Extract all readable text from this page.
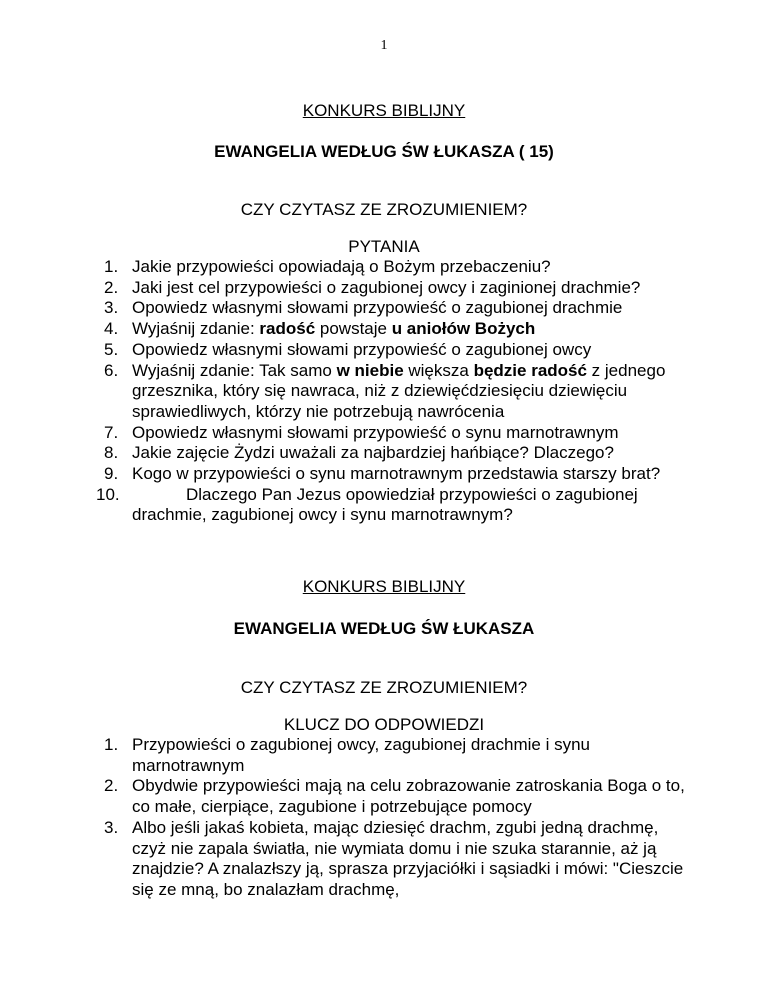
1
KONKURS BIBLIJNY
EWANGELIA WEDŁUG ŚW ŁUKASZA ( 15)
CZY CZYTASZ ZE ZROZUMIENIEM?
PYTANIA
1. Jakie przypowieści opowiadają o Bożym przebaczeniu?
2. Jaki jest cel przypowieści o zagubionej owcy i zaginionej drachmie?
3. Opowiedz własnymi słowami przypowieść o zagubionej drachmie
4. Wyjaśnij zdanie: radość powstaje u aniołów Bożych
5. Opowiedz własnymi słowami przypowieść o zagubionej owcy
6. Wyjaśnij zdanie: Tak samo w niebie większa będzie radość z jednego grzesznika, który się nawraca, niż z dziewięćdziesięciu dziewięciu sprawiedliwych, którzy nie potrzebują nawrócenia
7. Opowiedz własnymi słowami przypowieść o synu marnotrawnym
8. Jakie zajęcie Żydzi uważali za najbardziej hańbiące? Dlaczego?
9. Kogo w przypowieści o synu marnotrawnym przedstawia starszy brat?
10.	Dlaczego Pan Jezus opowiedział przypowieści o zagubionej
drachmie, zagubionej owcy i synu marnotrawnym?
KONKURS BIBLIJNY
EWANGELIA WEDŁUG ŚW ŁUKASZA
CZY CZYTASZ ZE ZROZUMIENIEM?
KLUCZ DO ODPOWIEDZI
1. Przypowieści o zagubionej owcy, zagubionej drachmie i synu marnotrawnym
2. Obydwie przypowieści mają na celu zobrazowanie zatroskania Boga o to, co małe, cierpiące, zagubione i potrzebujące pomocy
3. Albo jeśli jakaś kobieta, mając dziesięć drachm, zgubi jedną drachmę, czyż nie zapala światła, nie wymiata domu i nie szuka starannie, aż ją znajdzie? A znalazłszy ją, sprasza przyjaciółki i sąsiadki i mówi: "Cieszcie się ze mną, bo znalazłam drachmę,
